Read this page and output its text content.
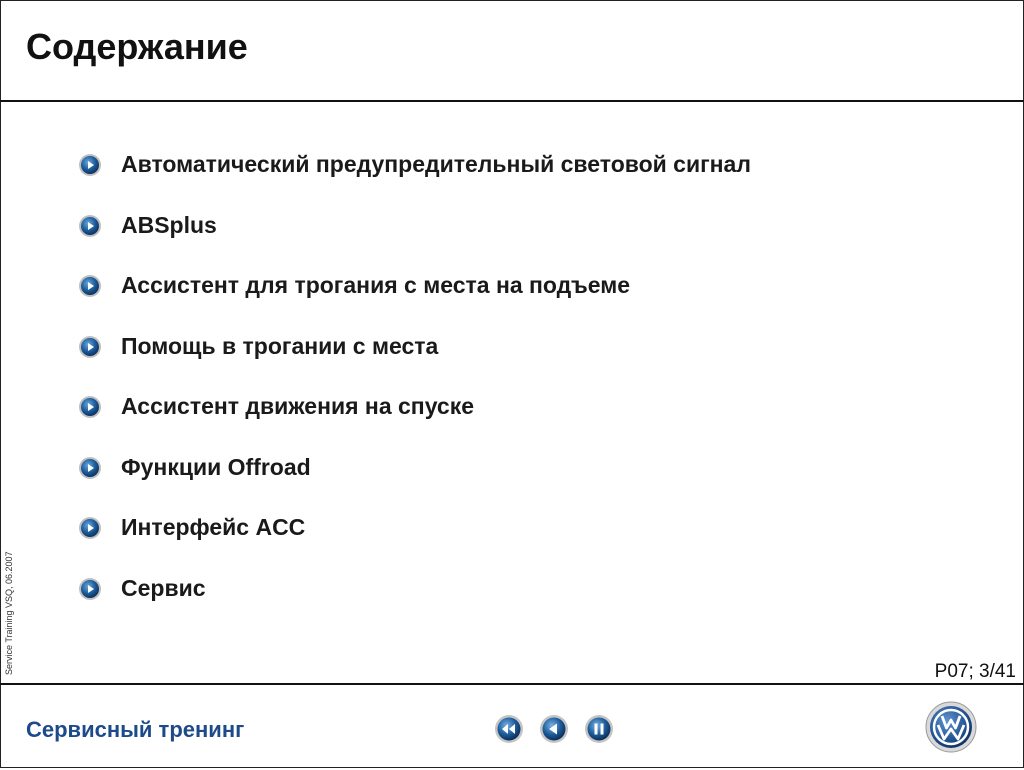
Содержание
Автоматический предупредительный световой сигнал
ABSplus
Ассистент для трогания с места на подъеме
Помощь в трогании с места
Ассистент движения на спуске
Функции Offroad
Интерфейс ACC
Сервис
Service Training VSQ, 06.2007	P07; 3/41
Сервисный тренинг
